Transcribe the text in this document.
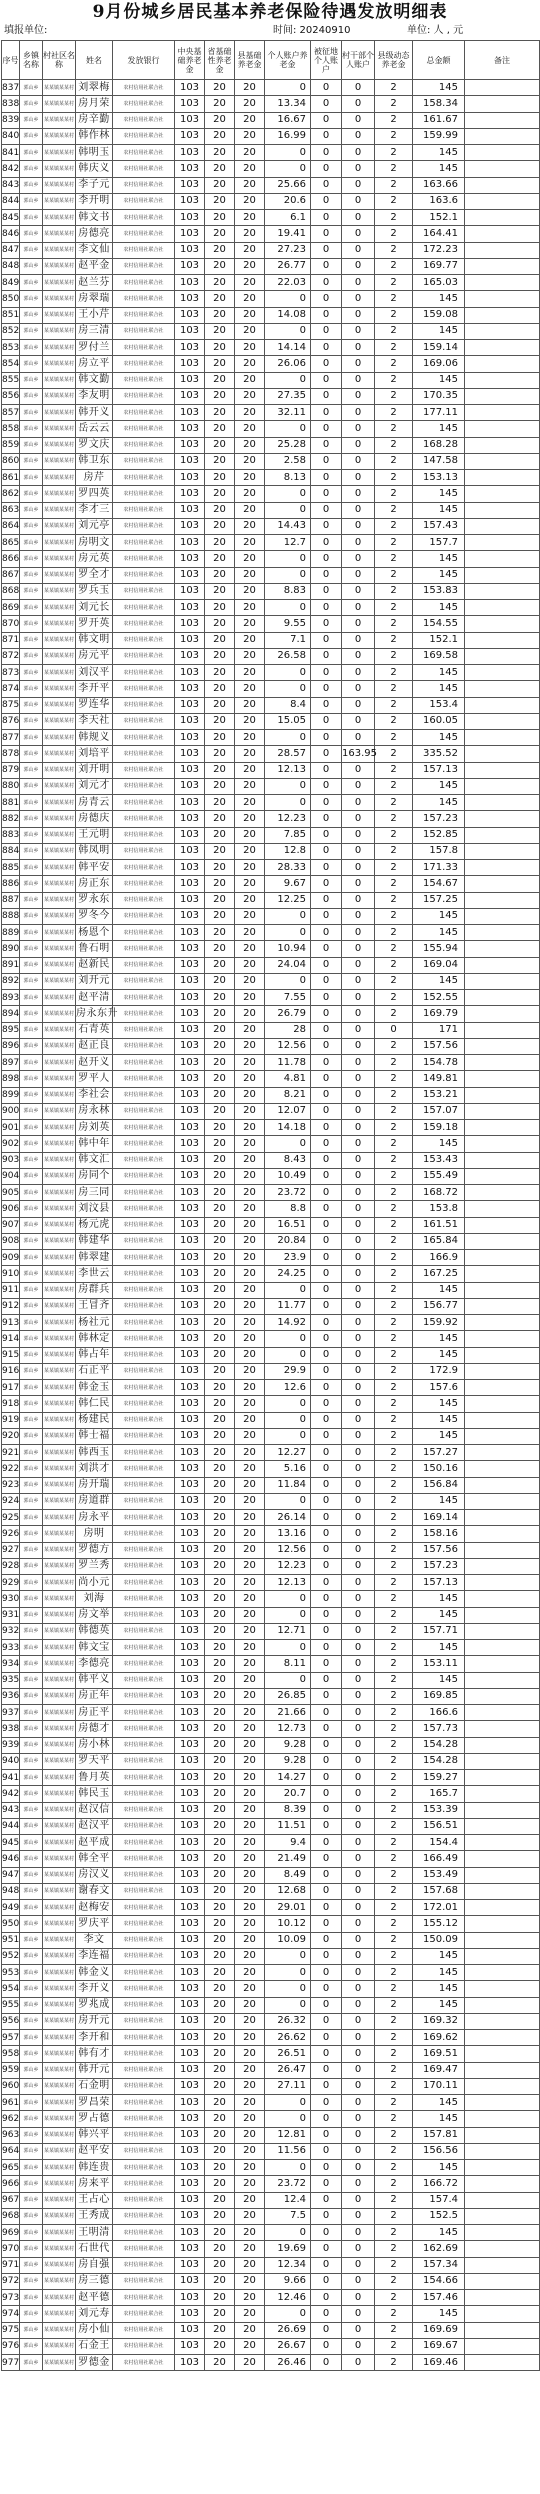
9月份城乡居民基本养老保险待遇发放明细表
填报单位:	时间: 20240910	单位: 人 , 元
序号	乡镇名称	村社区名称	姓名	发放银行	中央基础养老金	省基础性养老金	县基础养老金	个人账户养老金	被征地个人账户	村干部个人账户	县级动态养老金	总金额	备注
837	郭山乡	某某镇某某村	刘翠梅	农村信用社联合社	103	20	20	0	0	0	2	145	
838	郭山乡	某某镇某某村	房月荣	农村信用社联合社	103	20	20	13.34	0	0	2	158.34	
839	郭山乡	某某镇某某村	房辛勤	农村信用社联合社	103	20	20	16.67	0	0	2	161.67	
840	郭山乡	某某镇某某村	韩作林	农村信用社联合社	103	20	20	16.99	0	0	2	159.99	
841	郭山乡	某某镇某某村	韩明玉	农村信用社联合社	103	20	20	0	0	0	2	145	
842	郭山乡	某某镇某某村	韩庆义	农村信用社联合社	103	20	20	0	0	0	2	145	
843	郭山乡	某某镇某某村	李子元	农村信用社联合社	103	20	20	25.66	0	0	2	163.66	
844	郭山乡	某某镇某某村	李开明	农村信用社联合社	103	20	20	20.6	0	0	2	163.6	
845	郭山乡	某某镇某某村	韩文书	农村信用社联合社	103	20	20	6.1	0	0	2	152.1	
846	郭山乡	某某镇某某村	房德亮	农村信用社联合社	103	20	20	19.41	0	0	2	164.41	
847	郭山乡	某某镇某某村	李文仙	农村信用社联合社	103	20	20	27.23	0	0	2	172.23	
848	郭山乡	某某镇某某村	赵平金	农村信用社联合社	103	20	20	26.77	0	0	2	169.77	
849	郭山乡	某某镇某某村	赵兰芬	农村信用社联合社	103	20	20	22.03	0	0	2	165.03	
850	郭山乡	某某镇某某村	房翠瑞	农村信用社联合社	103	20	20	0	0	0	2	145	
851	郭山乡	某某镇某某村	王小芹	农村信用社联合社	103	20	20	14.08	0	0	2	159.08	
852	郭山乡	某某镇某某村	房三清	农村信用社联合社	103	20	20	0	0	0	2	145	
853	郭山乡	某某镇某某村	罗付兰	农村信用社联合社	103	20	20	14.14	0	0	2	159.14	
854	郭山乡	某某镇某某村	房立平	农村信用社联合社	103	20	20	26.06	0	0	2	169.06	
855	郭山乡	某某镇某某村	韩文勤	农村信用社联合社	103	20	20	0	0	0	2	145	
856	郭山乡	某某镇某某村	李友明	农村信用社联合社	103	20	20	27.35	0	0	2	170.35	
857	郭山乡	某某镇某某村	韩开义	农村信用社联合社	103	20	20	32.11	0	0	2	177.11	
858	郭山乡	某某镇某某村	岳云云	农村信用社联合社	103	20	20	0	0	0	2	145	
859	郭山乡	某某镇某某村	罗文庆	农村信用社联合社	103	20	20	25.28	0	0	2	168.28	
860	郭山乡	某某镇某某村	韩卫东	农村信用社联合社	103	20	20	2.58	0	0	2	147.58	
861	郭山乡	某某镇某某村	房芹	农村信用社联合社	103	20	20	8.13	0	0	2	153.13	
862	郭山乡	某某镇某某村	罗四英	农村信用社联合社	103	20	20	0	0	0	2	145	
863	郭山乡	某某镇某某村	李才三	农村信用社联合社	103	20	20	0	0	0	2	145	
864	郭山乡	某某镇某某村	刘元亭	农村信用社联合社	103	20	20	14.43	0	0	2	157.43	
865	郭山乡	某某镇某某村	房明文	农村信用社联合社	103	20	20	12.7	0	0	2	157.7	
866	郭山乡	某某镇某某村	房元英	农村信用社联合社	103	20	20	0	0	0	2	145	
867	郭山乡	某某镇某某村	罗全才	农村信用社联合社	103	20	20	0	0	0	2	145	
868	郭山乡	某某镇某某村	罗兵玉	农村信用社联合社	103	20	20	8.83	0	0	2	153.83	
869	郭山乡	某某镇某某村	刘元长	农村信用社联合社	103	20	20	0	0	0	2	145	
870	郭山乡	某某镇某某村	罗开英	农村信用社联合社	103	20	20	9.55	0	0	2	154.55	
871	郭山乡	某某镇某某村	韩文明	农村信用社联合社	103	20	20	7.1	0	0	2	152.1	
872	郭山乡	某某镇某某村	房元平	农村信用社联合社	103	20	20	26.58	0	0	2	169.58	
873	郭山乡	某某镇某某村	刘汉平	农村信用社联合社	103	20	20	0	0	0	2	145	
874	郭山乡	某某镇某某村	李开平	农村信用社联合社	103	20	20	0	0	0	2	145	
875	郭山乡	某某镇某某村	罗连华	农村信用社联合社	103	20	20	8.4	0	0	2	153.4	
876	郭山乡	某某镇某某村	李天社	农村信用社联合社	103	20	20	15.05	0	0	2	160.05	
877	郭山乡	某某镇某某村	韩规义	农村信用社联合社	103	20	20	0	0	0	2	145	
878	郭山乡	某某镇某某村	刘培平	农村信用社联合社	103	20	20	28.57	0	163.95	2	335.52	
879	郭山乡	某某镇某某村	刘开明	农村信用社联合社	103	20	20	12.13	0	0	2	157.13	
880	郭山乡	某某镇某某村	刘元才	农村信用社联合社	103	20	20	0	0	0	2	145	
881	郭山乡	某某镇某某村	房青云	农村信用社联合社	103	20	20	0	0	0	2	145	
882	郭山乡	某某镇某某村	房德庆	农村信用社联合社	103	20	20	12.23	0	0	2	157.23	
883	郭山乡	某某镇某某村	王元明	农村信用社联合社	103	20	20	7.85	0	0	2	152.85	
884	郭山乡	某某镇某某村	韩凤明	农村信用社联合社	103	20	20	12.8	0	0	2	157.8	
885	郭山乡	某某镇某某村	韩平安	农村信用社联合社	103	20	20	28.33	0	0	2	171.33	
886	郭山乡	某某镇某某村	房正东	农村信用社联合社	103	20	20	9.67	0	0	2	154.67	
887	郭山乡	某某镇某某村	罗永东	农村信用社联合社	103	20	20	12.25	0	0	2	157.25	
888	郭山乡	某某镇某某村	罗冬今	农村信用社联合社	103	20	20	0	0	0	2	145	
889	郭山乡	某某镇某某村	杨恩个	农村信用社联合社	103	20	20	0	0	0	2	145	
890	郭山乡	某某镇某某村	鲁石明	农村信用社联合社	103	20	20	10.94	0	0	2	155.94	
891	郭山乡	某某镇某某村	赵新民	农村信用社联合社	103	20	20	24.04	0	0	2	169.04	
892	郭山乡	某某镇某某村	刘开元	农村信用社联合社	103	20	20	0	0	0	2	145	
893	郭山乡	某某镇某某村	赵平清	农村信用社联合社	103	20	20	7.55	0	0	2	152.55	
894	郭山乡	某某镇某某村	房永东升	农村信用社联合社	103	20	20	26.79	0	0	2	169.79	
895	郭山乡	某某镇某某村	石青英	农村信用社联合社	103	20	20	28	0	0	0	171	
896	郭山乡	某某镇某某村	赵正良	农村信用社联合社	103	20	20	12.56	0	0	2	157.56	
897	郭山乡	某某镇某某村	赵开义	农村信用社联合社	103	20	20	11.78	0	0	2	154.78	
898	郭山乡	某某镇某某村	罗平人	农村信用社联合社	103	20	20	4.81	0	0	2	149.81	
899	郭山乡	某某镇某某村	李社会	农村信用社联合社	103	20	20	8.21	0	0	2	153.21	
900	郭山乡	某某镇某某村	房永林	农村信用社联合社	103	20	20	12.07	0	0	2	157.07	
901	郭山乡	某某镇某某村	房刘英	农村信用社联合社	103	20	20	14.18	0	0	2	159.18	
902	郭山乡	某某镇某某村	韩中年	农村信用社联合社	103	20	20	0	0	0	2	145	
903	郭山乡	某某镇某某村	韩文汇	农村信用社联合社	103	20	20	8.43	0	0	2	153.43	
904	郭山乡	某某镇某某村	房同个	农村信用社联合社	103	20	20	10.49	0	0	2	155.49	
905	郭山乡	某某镇某某村	房三同	农村信用社联合社	103	20	20	23.72	0	0	2	168.72	
906	郭山乡	某某镇某某村	刘汶县	农村信用社联合社	103	20	20	8.8	0	0	2	153.8	
907	郭山乡	某某镇某某村	杨元虎	农村信用社联合社	103	20	20	16.51	0	0	2	161.51	
908	郭山乡	某某镇某某村	韩建华	农村信用社联合社	103	20	20	20.84	0	0	2	165.84	
909	郭山乡	某某镇某某村	韩翠建	农村信用社联合社	103	20	20	23.9	0	0	2	166.9	
910	郭山乡	某某镇某某村	李世云	农村信用社联合社	103	20	20	24.25	0	0	2	167.25	
911	郭山乡	某某镇某某村	房群兵	农村信用社联合社	103	20	20	0	0	0	2	145	
912	郭山乡	某某镇某某村	王冒齐	农村信用社联合社	103	20	20	11.77	0	0	2	156.77	
913	郭山乡	某某镇某某村	杨社元	农村信用社联合社	103	20	20	14.92	0	0	2	159.92	
914	郭山乡	某某镇某某村	韩林定	农村信用社联合社	103	20	20	0	0	0	2	145	
915	郭山乡	某某镇某某村	韩占年	农村信用社联合社	103	20	20	0	0	0	2	145	
916	郭山乡	某某镇某某村	石正平	农村信用社联合社	103	20	20	29.9	0	0	2	172.9	
917	郭山乡	某某镇某某村	韩金玉	农村信用社联合社	103	20	20	12.6	0	0	2	157.6	
918	郭山乡	某某镇某某村	韩仁民	农村信用社联合社	103	20	20	0	0	0	2	145	
919	郭山乡	某某镇某某村	杨建民	农村信用社联合社	103	20	20	0	0	0	2	145	
920	郭山乡	某某镇某某村	韩士福	农村信用社联合社	103	20	20	0	0	0	2	145	
921	郭山乡	某某镇某某村	韩西玉	农村信用社联合社	103	20	20	12.27	0	0	2	157.27	
922	郭山乡	某某镇某某村	刘洪才	农村信用社联合社	103	20	20	5.16	0	0	2	150.16	
923	郭山乡	某某镇某某村	房开瑞	农村信用社联合社	103	20	20	11.84	0	0	2	156.84	
924	郭山乡	某某镇某某村	房道群	农村信用社联合社	103	20	20	0	0	0	2	145	
925	郭山乡	某某镇某某村	房永平	农村信用社联合社	103	20	20	26.14	0	0	2	169.14	
926	郭山乡	某某镇某某村	房明	农村信用社联合社	103	20	20	13.16	0	0	2	158.16	
927	郭山乡	某某镇某某村	罗德方	农村信用社联合社	103	20	20	12.56	0	0	2	157.56	
928	郭山乡	某某镇某某村	罗兰秀	农村信用社联合社	103	20	20	12.23	0	0	2	157.23	
929	郭山乡	某某镇某某村	尚小元	农村信用社联合社	103	20	20	12.13	0	0	2	157.13	
930	郭山乡	某某镇某某村	刘海	农村信用社联合社	103	20	20	0	0	0	2	145	
931	郭山乡	某某镇某某村	房文举	农村信用社联合社	103	20	20	0	0	0	2	145	
932	郭山乡	某某镇某某村	韩德英	农村信用社联合社	103	20	20	12.71	0	0	2	157.71	
933	郭山乡	某某镇某某村	韩文宝	农村信用社联合社	103	20	20	0	0	0	2	145	
934	郭山乡	某某镇某某村	李德亮	农村信用社联合社	103	20	20	8.11	0	0	2	153.11	
935	郭山乡	某某镇某某村	韩平义	农村信用社联合社	103	20	20	0	0	0	2	145	
936	郭山乡	某某镇某某村	房正年	农村信用社联合社	103	20	20	26.85	0	0	2	169.85	
937	郭山乡	某某镇某某村	房正平	农村信用社联合社	103	20	20	21.66	0	0	2	166.6	
938	郭山乡	某某镇某某村	房德才	农村信用社联合社	103	20	20	12.73	0	0	2	157.73	
939	郭山乡	某某镇某某村	房小林	农村信用社联合社	103	20	20	9.28	0	0	2	154.28	
940	郭山乡	某某镇某某村	罗天平	农村信用社联合社	103	20	20	9.28	0	0	2	154.28	
941	郭山乡	某某镇某某村	鲁月英	农村信用社联合社	103	20	20	14.27	0	0	2	159.27	
942	郭山乡	某某镇某某村	韩民玉	农村信用社联合社	103	20	20	20.7	0	0	2	165.7	
943	郭山乡	某某镇某某村	赵汉信	农村信用社联合社	103	20	20	8.39	0	0	2	153.39	
944	郭山乡	某某镇某某村	赵汉平	农村信用社联合社	103	20	20	11.51	0	0	2	156.51	
945	郭山乡	某某镇某某村	赵平成	农村信用社联合社	103	20	20	9.4	0	0	2	154.4	
946	郭山乡	某某镇某某村	韩全平	农村信用社联合社	103	20	20	21.49	0	0	2	166.49	
947	郭山乡	某某镇某某村	房汉义	农村信用社联合社	103	20	20	8.49	0	0	2	153.49	
948	郭山乡	某某镇某某村	谢春文	农村信用社联合社	103	20	20	12.68	0	0	2	157.68	
949	郭山乡	某某镇某某村	赵梅安	农村信用社联合社	103	20	20	29.01	0	0	2	172.01	
950	郭山乡	某某镇某某村	罗庆平	农村信用社联合社	103	20	20	10.12	0	0	2	155.12	
951	郭山乡	某某镇某某村	李文	农村信用社联合社	103	20	20	10.09	0	0	2	150.09	
952	郭山乡	某某镇某某村	李连福	农村信用社联合社	103	20	20	0	0	0	2	145	
953	郭山乡	某某镇某某村	韩金义	农村信用社联合社	103	20	20	0	0	0	2	145	
954	郭山乡	某某镇某某村	李开义	农村信用社联合社	103	20	20	0	0	0	2	145	
955	郭山乡	某某镇某某村	罗兆成	农村信用社联合社	103	20	20	0	0	0	2	145	
956	郭山乡	某某镇某某村	房开元	农村信用社联合社	103	20	20	26.32	0	0	2	169.32	
957	郭山乡	某某镇某某村	李开和	农村信用社联合社	103	20	20	26.62	0	0	2	169.62	
958	郭山乡	某某镇某某村	韩有才	农村信用社联合社	103	20	20	26.51	0	0	2	169.51	
959	郭山乡	某某镇某某村	韩开元	农村信用社联合社	103	20	20	26.47	0	0	2	169.47	
960	郭山乡	某某镇某某村	石金明	农村信用社联合社	103	20	20	27.11	0	0	2	170.11	
961	郭山乡	某某镇某某村	罗昌荣	农村信用社联合社	103	20	20	0	0	0	2	145	
962	郭山乡	某某镇某某村	罗占德	农村信用社联合社	103	20	20	0	0	0	2	145	
963	郭山乡	某某镇某某村	韩兴平	农村信用社联合社	103	20	20	12.81	0	0	2	157.81	
964	郭山乡	某某镇某某村	赵平安	农村信用社联合社	103	20	20	11.56	0	0	2	156.56	
965	郭山乡	某某镇某某村	韩连贵	农村信用社联合社	103	20	20	0	0	0	2	145	
966	郭山乡	某某镇某某村	房来平	农村信用社联合社	103	20	20	23.72	0	0	2	166.72	
967	郭山乡	某某镇某某村	王占心	农村信用社联合社	103	20	20	12.4	0	0	2	157.4	
968	郭山乡	某某镇某某村	王秀成	农村信用社联合社	103	20	20	7.5	0	0	2	152.5	
969	郭山乡	某某镇某某村	王明清	农村信用社联合社	103	20	20	0	0	0	2	145	
970	郭山乡	某某镇某某村	石世代	农村信用社联合社	103	20	20	19.69	0	0	2	162.69	
971	郭山乡	某某镇某某村	房自强	农村信用社联合社	103	20	20	12.34	0	0	2	157.34	
972	郭山乡	某某镇某某村	房三德	农村信用社联合社	103	20	20	9.66	0	0	2	154.66	
973	郭山乡	某某镇某某村	赵平德	农村信用社联合社	103	20	20	12.46	0	0	2	157.46	
974	郭山乡	某某镇某某村	刘元寿	农村信用社联合社	103	20	20	0	0	0	2	145	
975	郭山乡	某某镇某某村	房小仙	农村信用社联合社	103	20	20	26.69	0	0	2	169.69	
976	郭山乡	某某镇某某村	石金王	农村信用社联合社	103	20	20	26.67	0	0	2	169.67	
977	郭山乡	某某镇某某村	罗德金	农村信用社联合社	103	20	20	26.46	0	0	2	169.46	
